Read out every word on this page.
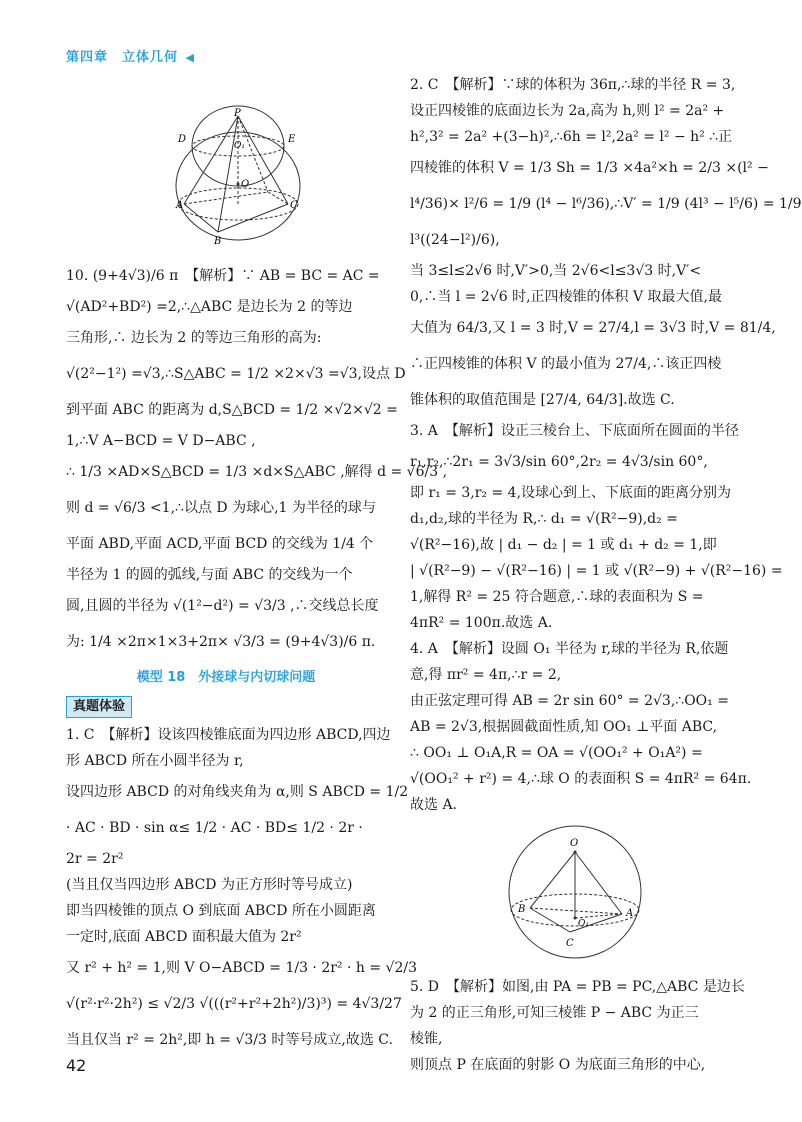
第四章　立体几何 ◀
P
D	E
O₁
O
A	C
B
10. (9+4√3)/6 π　【解析】∵ AB = BC = AC =
√(AD²+BD²) =2,∴△ABC 是边长为 2 的等边
三角形,∴ 边长为 2 的等边三角形的高为:
√(2²−1²) =√3,∴S△ABC = 1/2 ×2×√3 =√3,设点 D
到平面 ABC 的距离为 d,S△BCD = 1/2 ×√2×√2 =
1,∴V A−BCD = V D−ABC ,
∴ 1/3 ×AD×S△BCD = 1/3 ×d×S△ABC ,解得 d = √6/3 ,
则 d = √6/3 <1,∴以点 D 为球心,1 为半径的球与
平面 ABD,平面 ACD,平面 BCD 的交线为 1/4 个
半径为 1 的圆的弧线,与面 ABC 的交线为一个
圆,且圆的半径为 √(1²−d²) = √3/3 ,∴交线总长度
为: 1/4 ×2π×1×3+2π× √3/3 = (9+4√3)/6 π.
模型 18　外接球与内切球问题
真题体验
1. C　【解析】设该四棱锥底面为四边形 ABCD,四边
形 ABCD 所在小圆半径为 r,
设四边形 ABCD 的对角线夹角为 α,则 S ABCD = 1/2
· AC · BD · sin α≤ 1/2 · AC · BD≤ 1/2 · 2r ·
2r = 2r²
(当且仅当四边形 ABCD 为正方形时等号成立)
即当四棱锥的顶点 O 到底面 ABCD 所在小圆距离
一定时,底面 ABCD 面积最大值为 2r²
又 r² + h² = 1,则 V O−ABCD = 1/3 · 2r² · h = √2/3
√(r²·r²·2h²) ≤ √2/3 √(((r²+r²+2h²)/3)³) = 4√3/27
当且仅当 r² = 2h²,即 h = √3/3 时等号成立,故选 C.
2. C　【解析】∵球的体积为 36π,∴球的半径 R = 3,
设正四棱锥的底面边长为 2a,高为 h,则 l² = 2a² +
h²,3² = 2a² +(3−h)²,∴6h = l²,2a² = l² − h² ∴正
四棱锥的体积 V = 1/3 Sh = 1/3 ×4a²×h = 2/3 ×(l² −
l⁴/36)× l²/6 = 1/9 (l⁴ − l⁶/36),∴V′ = 1/9 (4l³ − l⁵/6) = 1/9
l³((24−l²)/6),
当 3≤l≤2√6 时,V′>0,当 2√6<l≤3√3 时,V′<
0,∴当 l = 2√6 时,正四棱锥的体积 V 取最大值,最
大值为 64/3,又 l = 3 时,V = 27/4,l = 3√3 时,V = 81/4,
∴正四棱锥的体积 V 的最小值为 27/4,∴该正四棱
锥体积的取值范围是 [27/4, 64/3].故选 C.
3. A　【解析】设正三棱台上、下底面所在圆面的半径
r₁,r₂,∴2r₁ = 3√3/sin 60°,2r₂ = 4√3/sin 60°,
即 r₁ = 3,r₂ = 4,设球心到上、下底面的距离分别为
d₁,d₂,球的半径为 R,∴ d₁ = √(R²−9),d₂ =
√(R²−16),故 | d₁ − d₂ | = 1 或 d₁ + d₂ = 1,即
| √(R²−9) − √(R²−16) | = 1 或 √(R²−9) + √(R²−16) =
1,解得 R² = 25 符合题意,∴球的表面积为 S =
4πR² = 100π.故选 A.
4. A　【解析】设圆 O₁ 半径为 r,球的半径为 R,依题
意,得 πr² = 4π,∴r = 2,
由正弦定理可得 AB = 2r sin 60° = 2√3,∴OO₁ =
AB = 2√3,根据圆截面性质,知 OO₁ ⊥平面 ABC,
∴ OO₁ ⊥ O₁A,R = OA = √(OO₁² + O₁A²) =
√(OO₁² + r²) = 4,∴球 O 的表面积 S = 4πR² = 64π.
故选 A.
5. D　【解析】如图,由 PA = PB = PC,△ABC 是边长
为 2 的正三角形,可知三棱锥 P − ABC 为正三
棱锥,
则顶点 P 在底面的射影 O 为底面三角形的中心,
O
B	A
O₁
C
42
